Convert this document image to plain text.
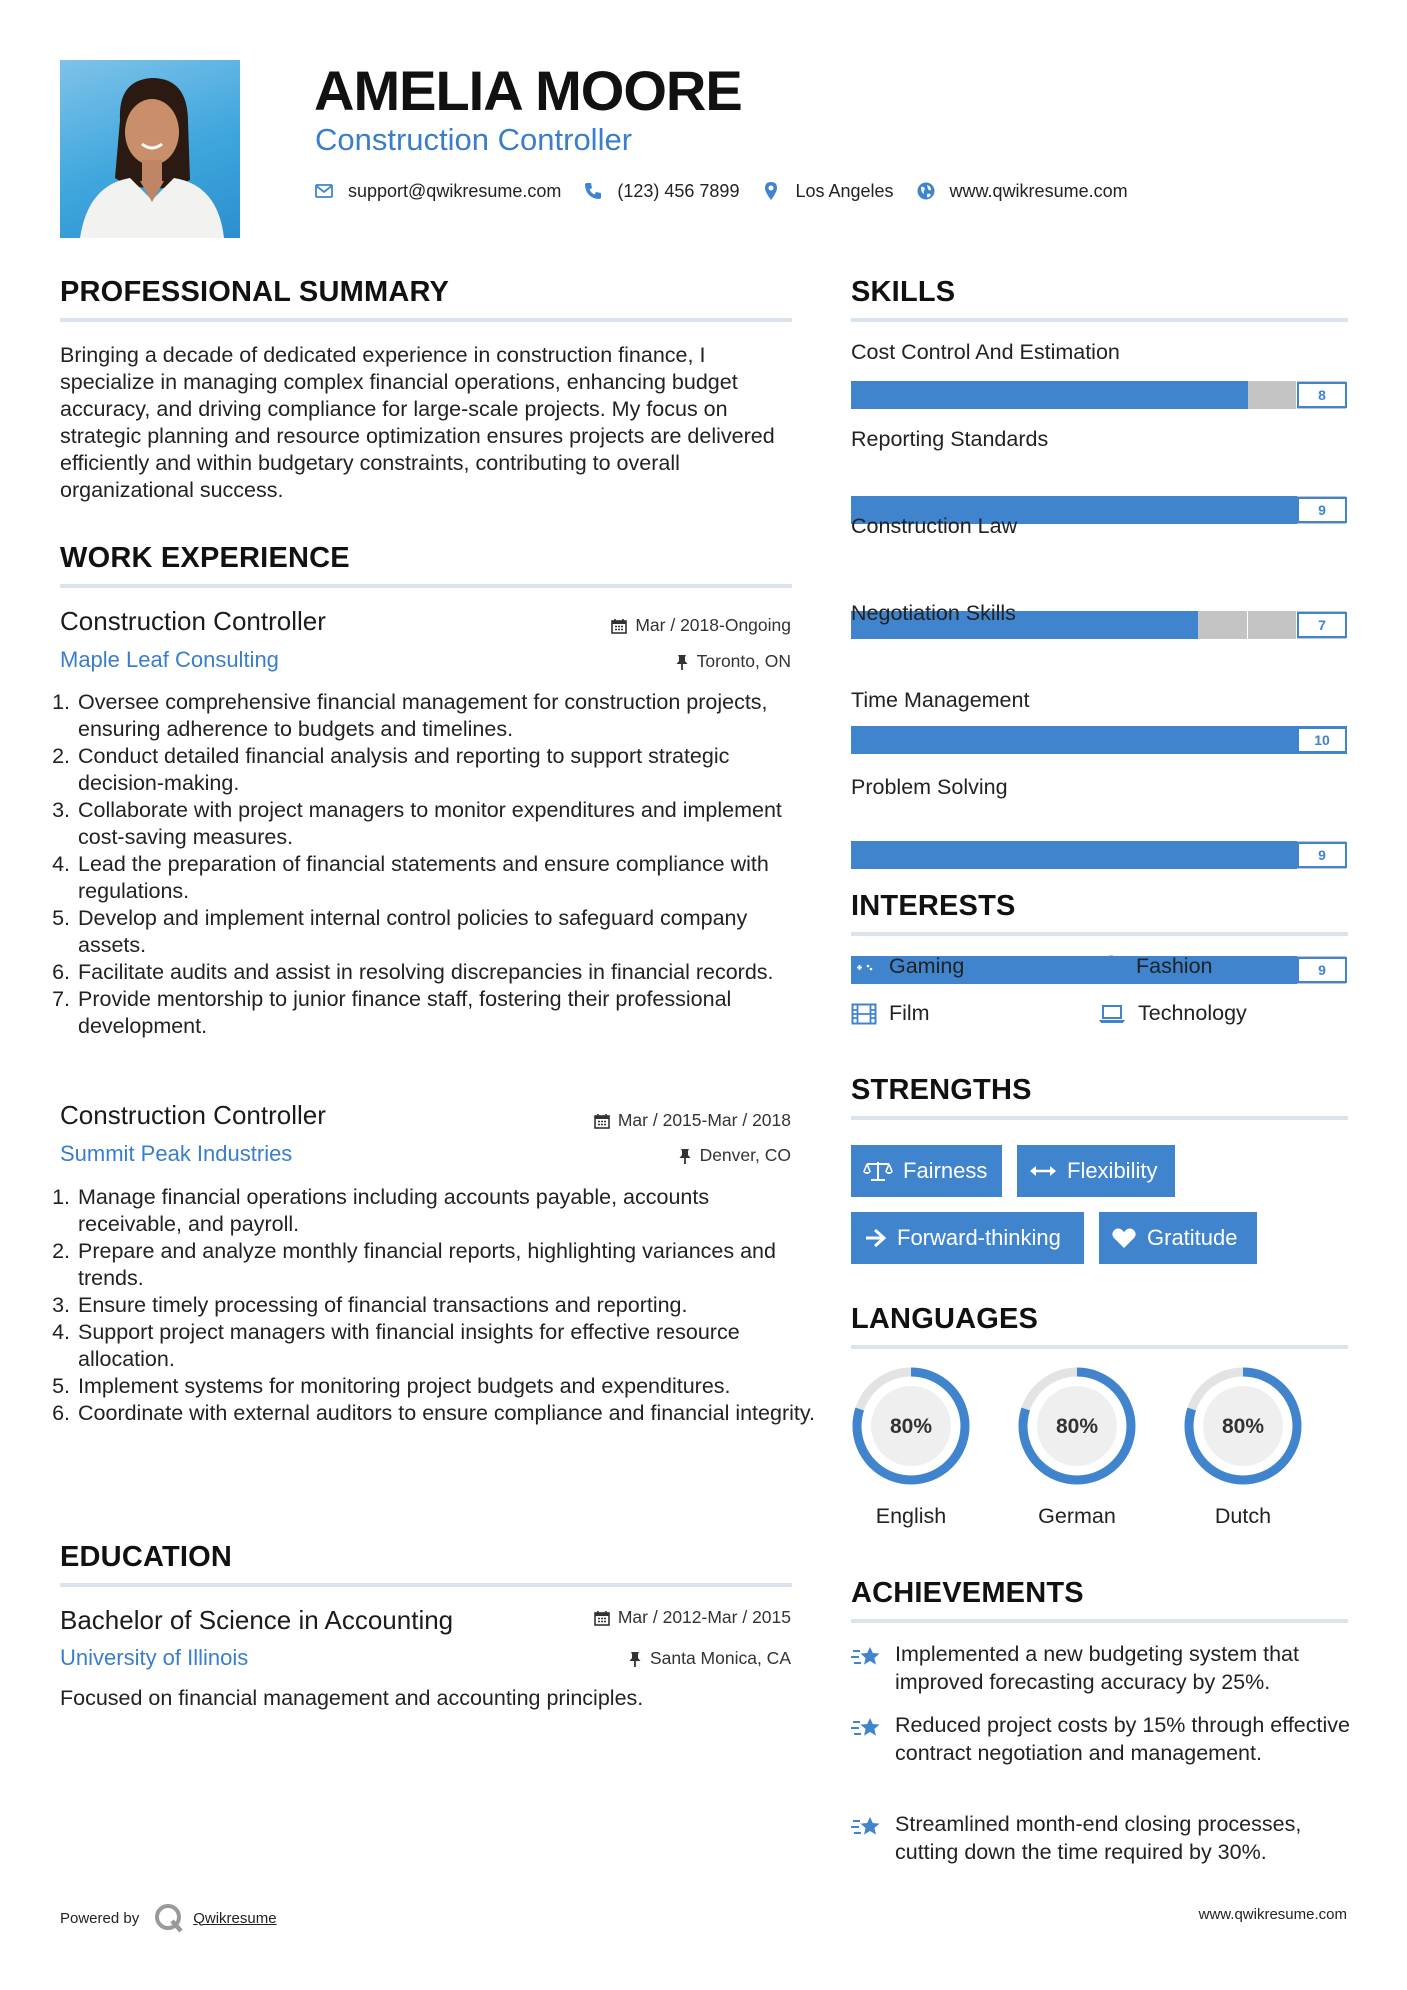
AMELIA MOORE
Construction Controller
support@qwikresume.com	(123) 456 7899	Los Angeles	www.qwikresume.com
PROFESSIONAL SUMMARY
Bringing a decade of dedicated experience in construction finance, I specialize in managing complex financial operations, enhancing budget accuracy, and driving compliance for large-scale projects. My focus on strategic planning and resource optimization ensures projects are delivered efficiently and within budgetary constraints, contributing to overall organizational success.
WORK EXPERIENCE
Construction Controller	Mar / 2018-Ongoing
Maple Leaf Consulting	Toronto, ON
1. Oversee comprehensive financial management for construction projects, ensuring adherence to budgets and timelines.
2. Conduct detailed financial analysis and reporting to support strategic decision-making.
3. Collaborate with project managers to monitor expenditures and implement cost-saving measures.
4. Lead the preparation of financial statements and ensure compliance with regulations.
5. Develop and implement internal control policies to safeguard company assets.
6. Facilitate audits and assist in resolving discrepancies in financial records.
7. Provide mentorship to junior finance staff, fostering their professional development.
Construction Controller	Mar / 2015-Mar / 2018
Summit Peak Industries	Denver, CO
1. Manage financial operations including accounts payable, accounts receivable, and payroll.
2. Prepare and analyze monthly financial reports, highlighting variances and trends.
3. Ensure timely processing of financial transactions and reporting.
4. Support project managers with financial insights for effective resource allocation.
5. Implement systems for monitoring project budgets and expenditures.
6. Coordinate with external auditors to ensure compliance and financial integrity.
EDUCATION
Bachelor of Science in Accounting	Mar / 2012-Mar / 2015
University of Illinois	Santa Monica, CA
Focused on financial management and accounting principles.
SKILLS
Cost Control And Estimation
8
Reporting Standards
9
Construction Law
7
Negotiation Skills
10
Time Management
9
Problem Solving
9
INTERESTS
Gaming	Fashion
Film	Technology
STRENGTHS
Fairness	Flexibility
Forward-thinking	Gratitude
LANGUAGES
80%
English
80%
German
80%
Dutch
ACHIEVEMENTS
Implemented a new budgeting system that improved forecasting accuracy by 25%.
Reduced project costs by 15% through effective contract negotiation and management.
Streamlined month-end closing processes, cutting down the time required by 30%.
Powered by	Qwikresume	www.qwikresume.com
